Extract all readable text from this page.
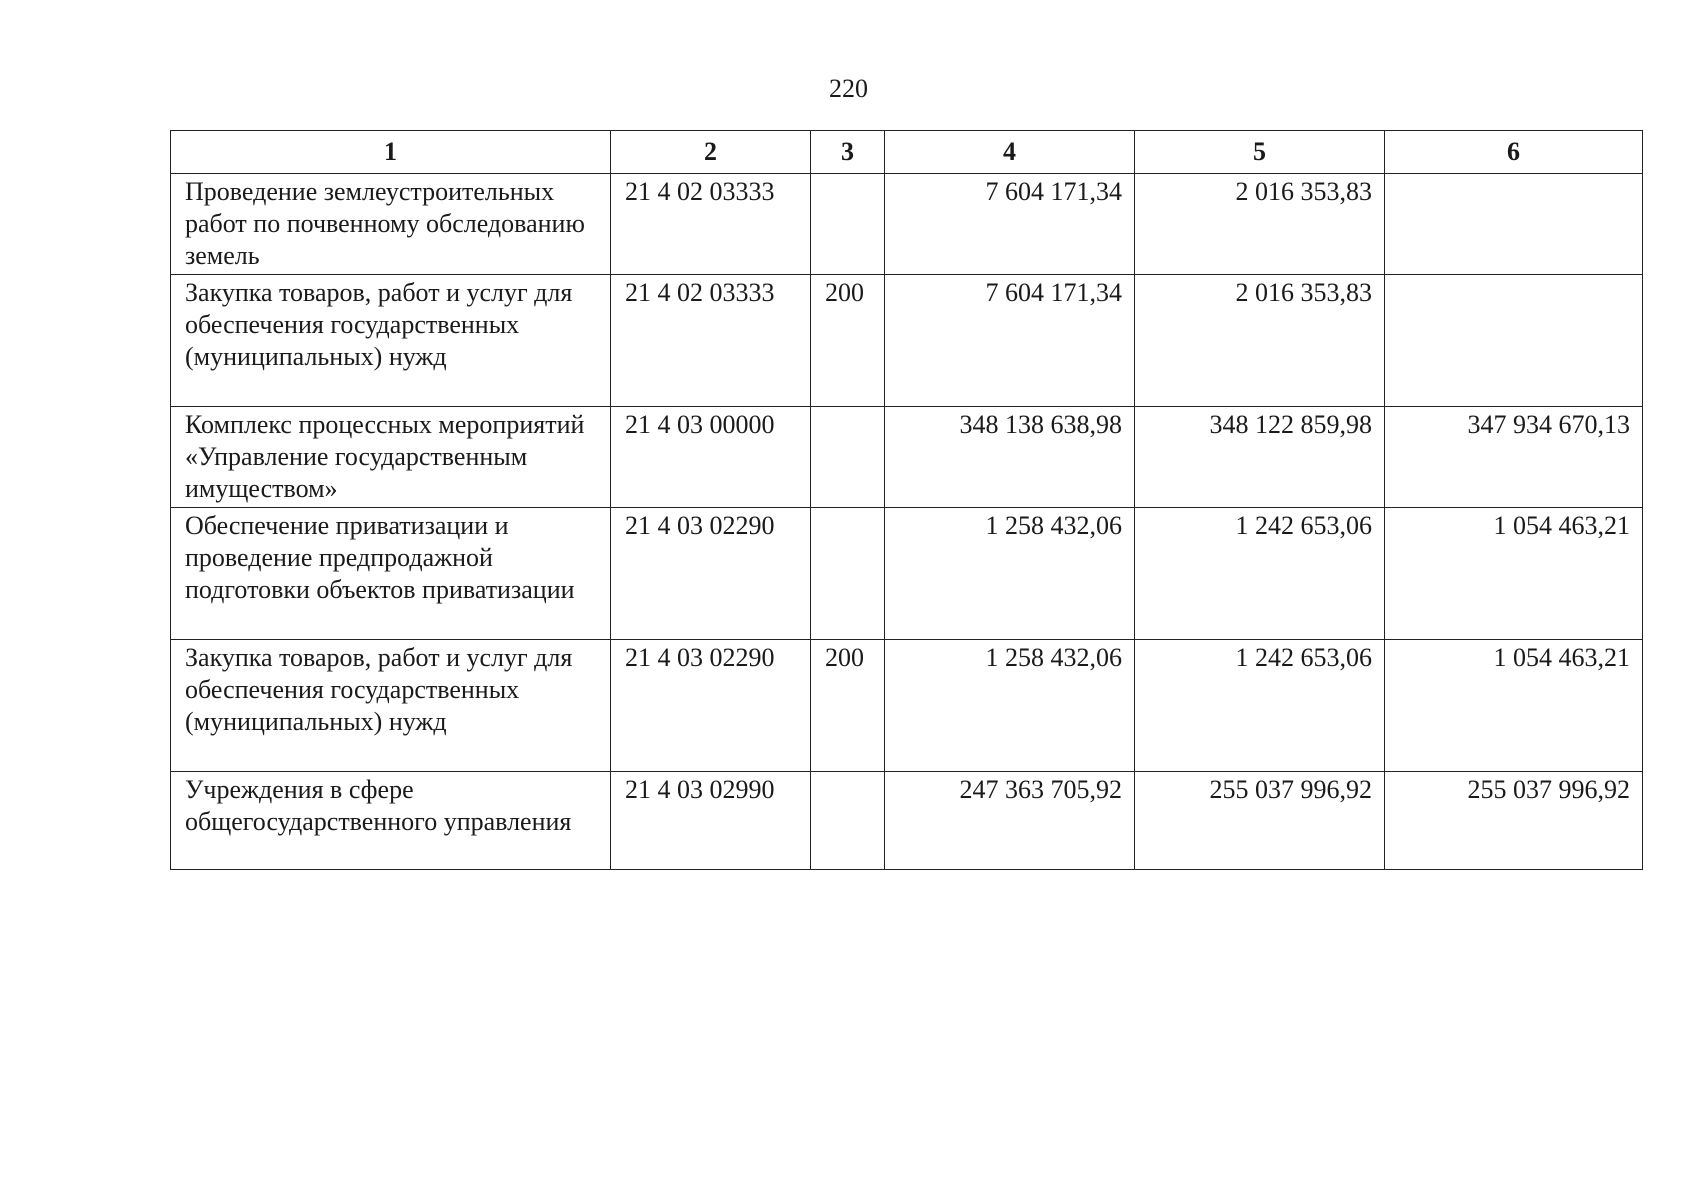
220
1	2	3	4	5	6
Проведение землеустроительных работ по почвенному обследованию земель	21 4 02 03333		7 604 171,34	2 016 353,83	
Закупка товаров, работ и услуг для обеспечения государственных (муниципальных) нужд	21 4 02 03333	200	7 604 171,34	2 016 353,83	
Комплекс процессных мероприятий «Управление государственным имуществом»	21 4 03 00000		348 138 638,98	348 122 859,98	347 934 670,13
Обеспечение приватизации и проведение предпродажной подготовки объектов приватизации	21 4 03 02290		1 258 432,06	1 242 653,06	1 054 463,21
Закупка товаров, работ и услуг для обеспечения государственных (муниципальных) нужд	21 4 03 02290	200	1 258 432,06	1 242 653,06	1 054 463,21
Учреждения в сфере общегосударственного управления	21 4 03 02990		247 363 705,92	255 037 996,92	255 037 996,92
